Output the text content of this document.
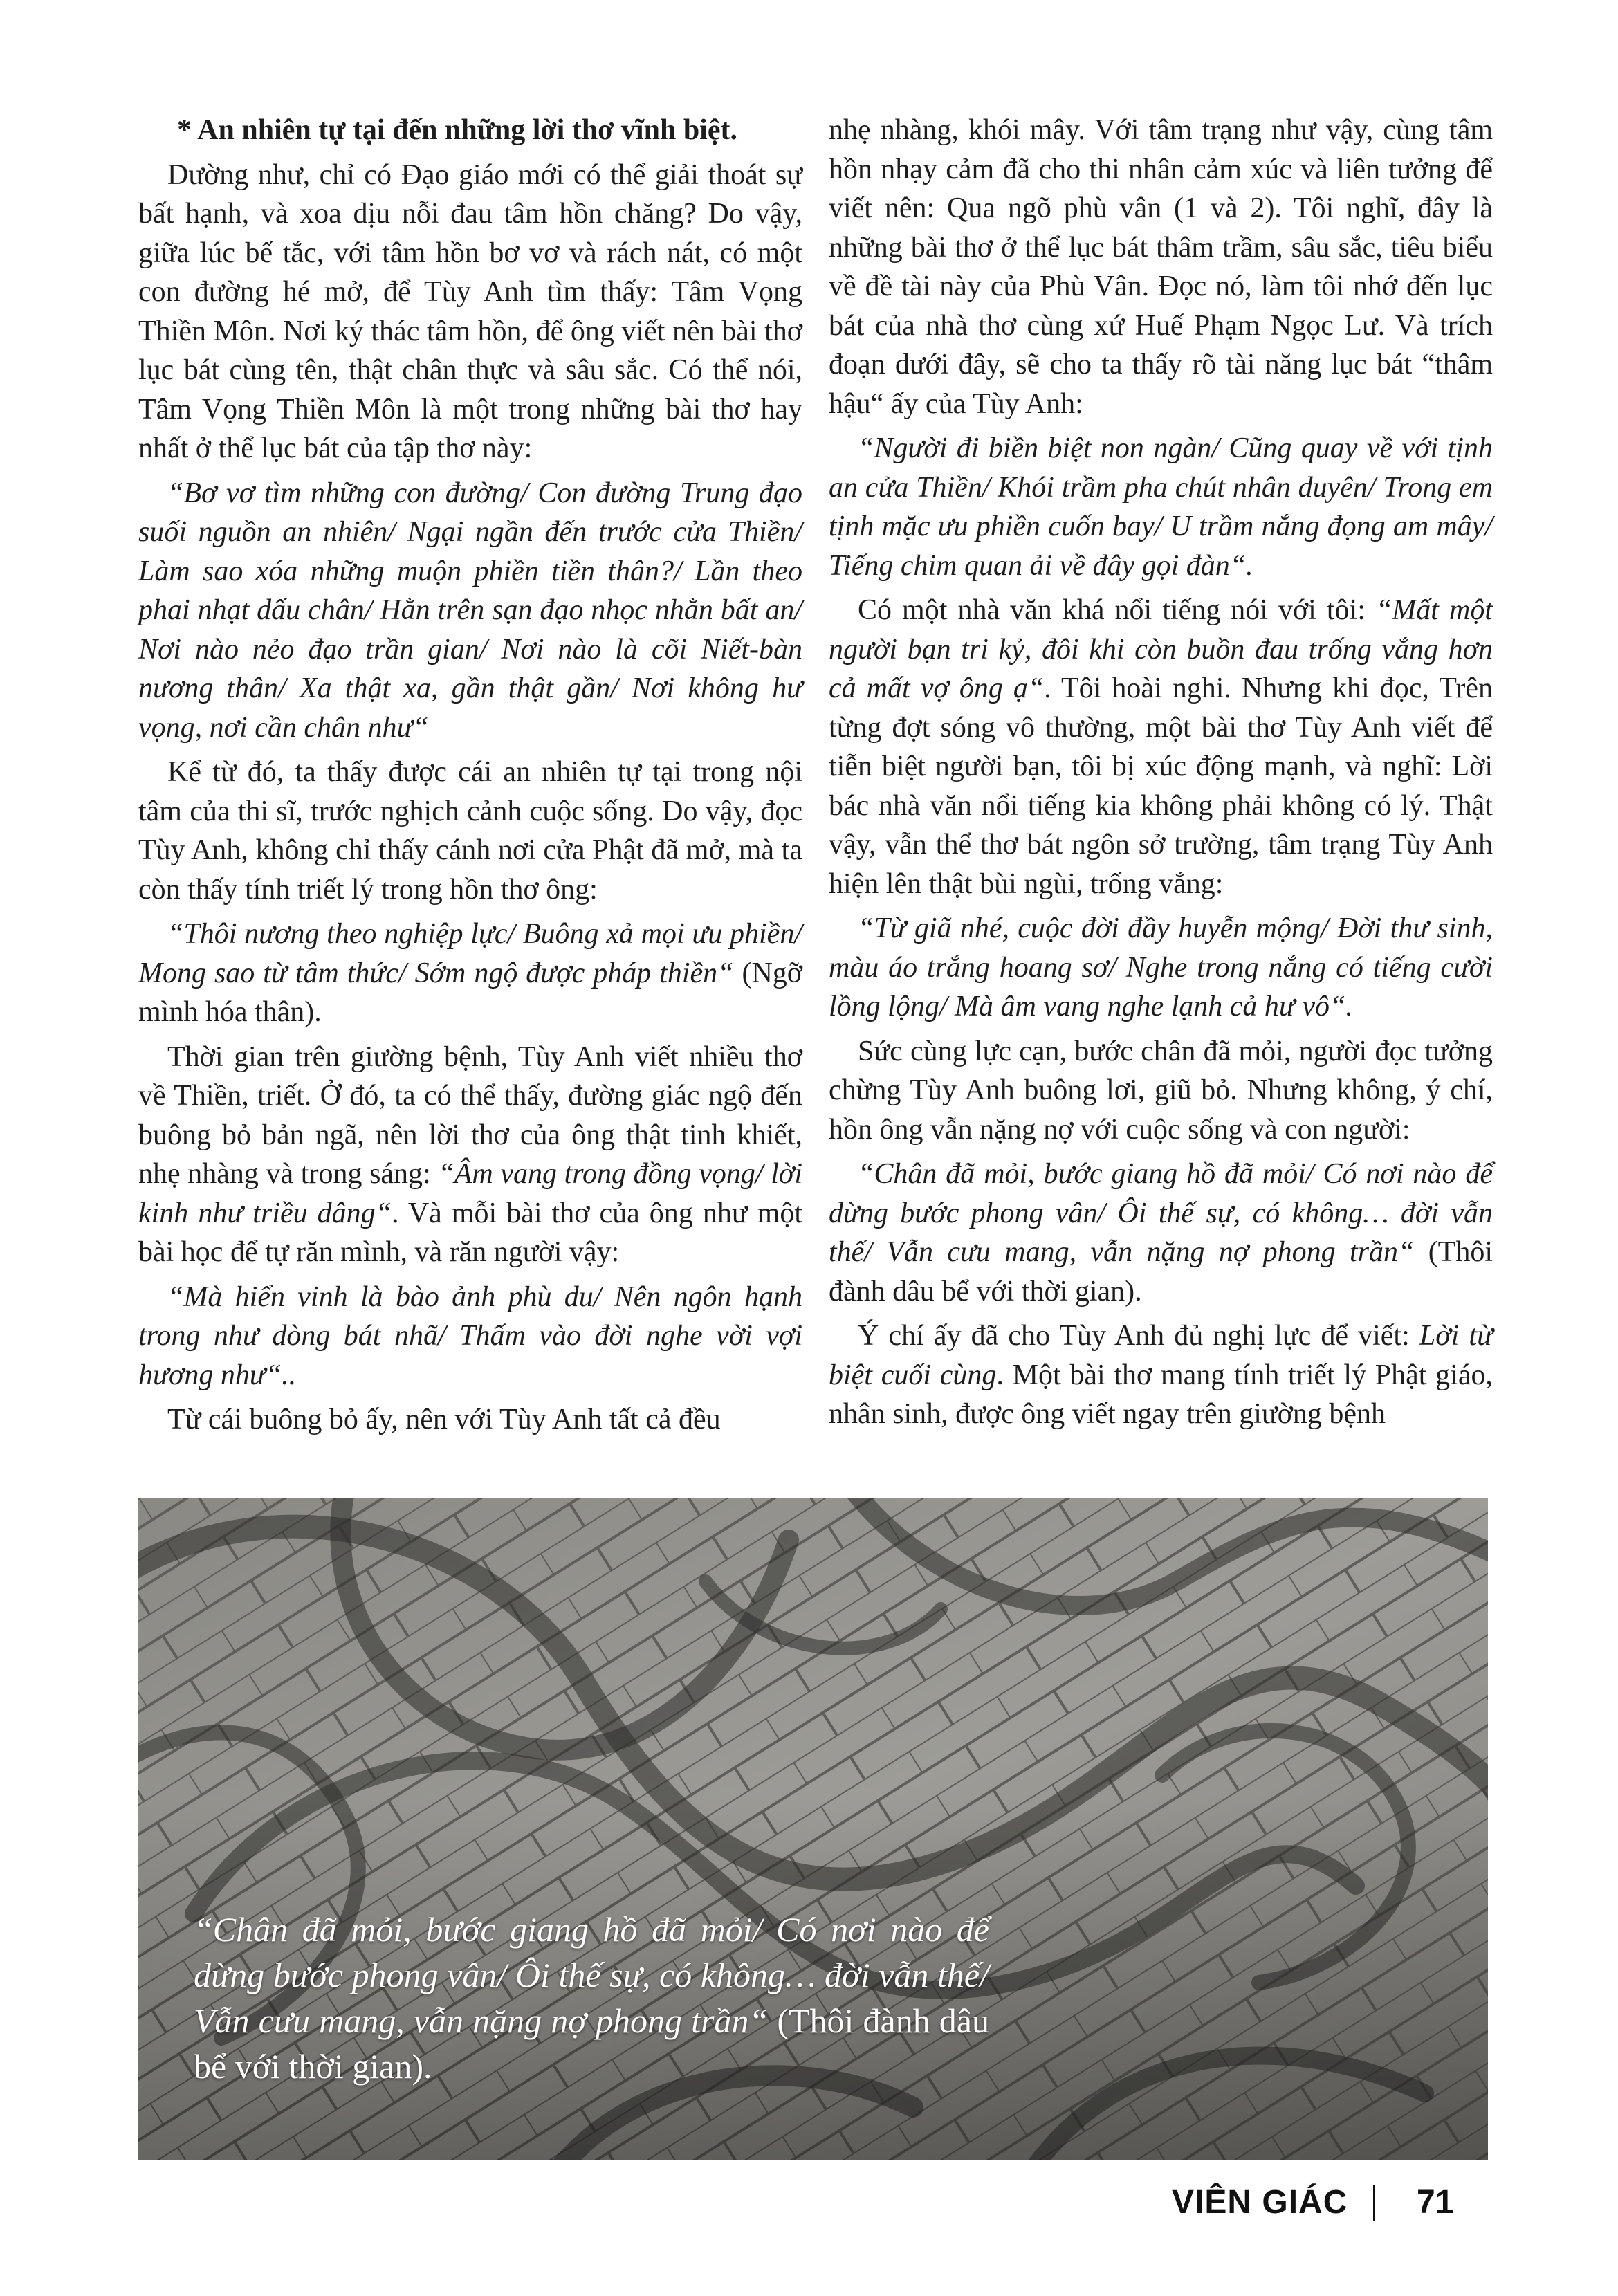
* An nhiên tự tại đến những lời thơ vĩnh biệt.

Dường như, chỉ có Đạo giáo mới có thể giải thoát sự bất hạnh, và xoa dịu nỗi đau tâm hồn chăng? Do vậy, giữa lúc bế tắc, với tâm hồn bơ vơ và rách nát, có một con đường hé mở, để Tùy Anh tìm thấy: Tâm Vọng Thiền Môn. Nơi ký thác tâm hồn, để ông viết nên bài thơ lục bát cùng tên, thật chân thực và sâu sắc. Có thể nói, Tâm Vọng Thiền Môn là một trong những bài thơ hay nhất ở thể lục bát của tập thơ này:

“Bơ vơ tìm những con đường/ Con đường Trung đạo suối nguồn an nhiên/ Ngại ngần đến trước cửa Thiền/ Làm sao xóa những muộn phiền tiền thân?/ Lần theo phai nhạt dấu chân/ Hằn trên sạn đạo nhọc nhằn bất an/ Nơi nào nẻo đạo trần gian/ Nơi nào là cõi Niết-bàn nương thân/ Xa thật xa, gần thật gần/ Nơi không hư vọng, nơi cần chân như“

Kể từ đó, ta thấy được cái an nhiên tự tại trong nội tâm của thi sĩ, trước nghịch cảnh cuộc sống. Do vậy, đọc Tùy Anh, không chỉ thấy cánh nơi cửa Phật đã mở, mà ta còn thấy tính triết lý trong hồn thơ ông:

“Thôi nương theo nghiệp lực/ Buông xả mọi ưu phiền/ Mong sao từ tâm thức/ Sớm ngộ được pháp thiền“ (Ngỡ mình hóa thân).

Thời gian trên giường bệnh, Tùy Anh viết nhiều thơ về Thiền, triết. Ở đó, ta có thể thấy, đường giác ngộ đến buông bỏ bản ngã, nên lời thơ của ông thật tinh khiết, nhẹ nhàng và trong sáng: “Âm vang trong đồng vọng/ lời kinh như triều dâng“. Và mỗi bài thơ của ông như một bài học để tự răn mình, và răn người vậy:

“Mà hiển vinh là bào ảnh phù du/ Nên ngôn hạnh trong như dòng bát nhã/ Thấm vào đời nghe vời vợi hương như“..

Từ cái buông bỏ ấy, nên với Tùy Anh tất cả đều

nhẹ nhàng, khói mây. Với tâm trạng như vậy, cùng tâm hồn nhạy cảm đã cho thi nhân cảm xúc và liên tưởng để viết nên: Qua ngõ phù vân (1 và 2). Tôi nghĩ, đây là những bài thơ ở thể lục bát thâm trầm, sâu sắc, tiêu biểu về đề tài này của Phù Vân. Đọc nó, làm tôi nhớ đến lục bát của nhà thơ cùng xứ Huế Phạm Ngọc Lư. Và trích đoạn dưới đây, sẽ cho ta thấy rõ tài năng lục bát “thâm hậu“ ấy của Tùy Anh:

“Người đi biền biệt non ngàn/ Cũng quay về với tịnh an cửa Thiền/ Khói trầm pha chút nhân duyên/ Trong em tịnh mặc ưu phiền cuốn bay/ U trầm nắng đọng am mây/ Tiếng chim quan ải về đây gọi đàn“.

Có một nhà văn khá nổi tiếng nói với tôi: “Mất một người bạn tri kỷ, đôi khi còn buồn đau trống vắng hơn cả mất vợ ông ạ“. Tôi hoài nghi. Nhưng khi đọc, Trên từng đợt sóng vô thường, một bài thơ Tùy Anh viết để tiễn biệt người bạn, tôi bị xúc động mạnh, và nghĩ: Lời bác nhà văn nổi tiếng kia không phải không có lý. Thật vậy, vẫn thể thơ bát ngôn sở trường, tâm trạng Tùy Anh hiện lên thật bùi ngùi, trống vắng:

“Từ giã nhé, cuộc đời đầy huyễn mộng/ Đời thư sinh, màu áo trắng hoang sơ/ Nghe trong nắng có tiếng cười lồng lộng/ Mà âm vang nghe lạnh cả hư vô“.

Sức cùng lực cạn, bước chân đã mỏi, người đọc tưởng chừng Tùy Anh buông lơi, giũ bỏ. Nhưng không, ý chí, hồn ông vẫn nặng nợ với cuộc sống và con người:

“Chân đã mỏi, bước giang hồ đã mỏi/ Có nơi nào để dừng bước phong vân/ Ôi thế sự, có không… đời vẫn thế/ Vẫn cưu mang, vẫn nặng nợ phong trần“ (Thôi đành dâu bể với thời gian).

Ý chí ấy đã cho Tùy Anh đủ nghị lực để viết: Lời từ biệt cuối cùng. Một bài thơ mang tính triết lý Phật giáo, nhân sinh, được ông viết ngay trên giường bệnh

“Chân đã mỏi, bước giang hồ đã mỏi/ Có nơi nào để dừng bước phong vân/ Ôi thế sự, có không… đời vẫn thế/ Vẫn cưu mang, vẫn nặng nợ phong trần“ (Thôi đành dâu bể với thời gian).
VIÊN GIÁC 71
